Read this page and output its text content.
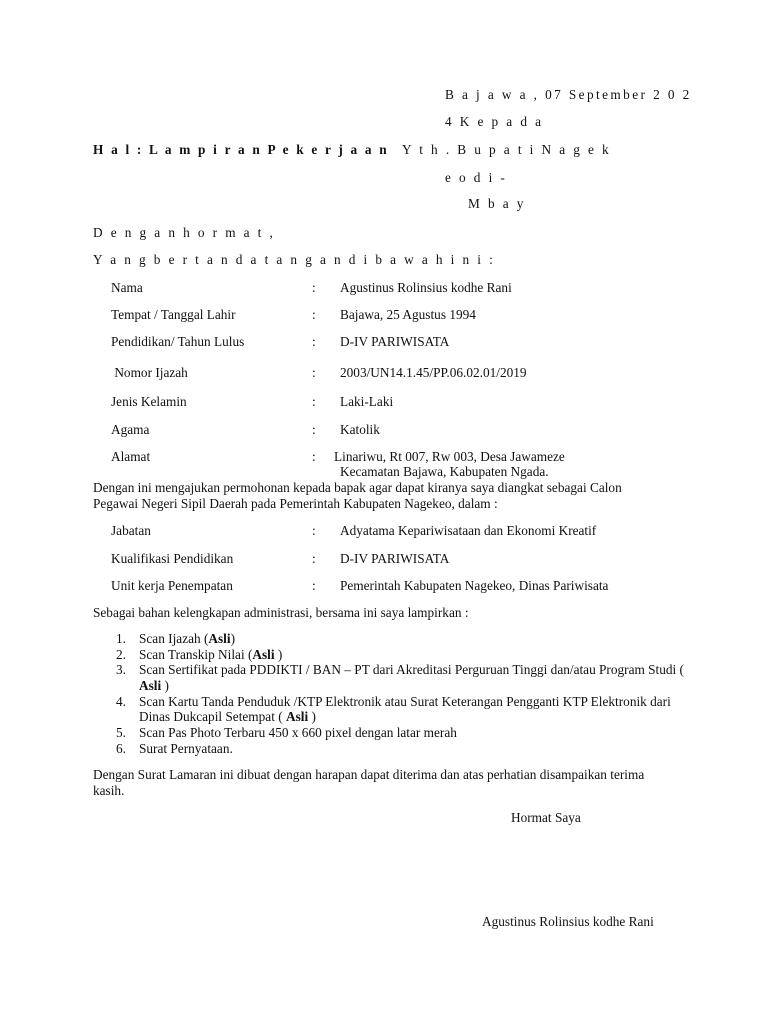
B a j a w a , 07 September 2 0 2
4 K e p a d a
H a l : L a m p i r a n P e k e r j a a n Y t h . B u p a t i N a g e k
e o d i -
M b a y
D e n g a n h o r m a t ,
Y a n g b e r t a n d a t a n g a n d i b a w a h i n i :
Nama	: Agustinus Rolinsius kodhe Rani
Tempat / Tanggal Lahir	: Bajawa, 25 Agustus 1994
Pendidikan/ Tahun Lulus	: D-IV PARIWISATA
Nomor Ijazah	: 2003/UN14.1.45/PP.06.02.01/2019
Jenis Kelamin	: Laki-Laki
Agama	: Katolik
Alamat	: Linariwu, Rt 007, Rw 003, Desa Jawameze
Kecamatan Bajawa, Kabupaten Ngada.
Dengan ini mengajukan permohonan kepada bapak agar dapat kiranya saya diangkat sebagai Calon Pegawai Negeri Sipil Daerah pada Pemerintah Kabupaten Nagekeo, dalam :
Jabatan	: Adyatama Kepariwisataan dan Ekonomi Kreatif
Kualifikasi Pendidikan	: D-IV PARIWISATA
Unit kerja Penempatan	: Pemerintah Kabupaten Nagekeo, Dinas Pariwisata
Sebagai bahan kelengkapan administrasi, bersama ini saya lampirkan :
1. 1. Scan Ijazah (Asli)
2. 2. Scan Transkip Nilai (Asli )
3. 3. Scan Sertifikat pada PDDIKTI / BAN – PT dari Akreditasi Perguruan Tinggi dan/atau Program Studi ( Asli )
4. 4. Scan Kartu Tanda Penduduk /KTP Elektronik atau Surat Keterangan Pengganti KTP Elektronik dari Dinas Dukcapil Setempat ( Asli )
5. 5. Scan Pas Photo Terbaru 450 x 660 pixel dengan latar merah
6. 6. Surat Pernyataan.
Dengan Surat Lamaran ini dibuat dengan harapan dapat diterima dan atas perhatian disampaikan terima kasih.
Hormat Saya
Agustinus Rolinsius kodhe Rani
